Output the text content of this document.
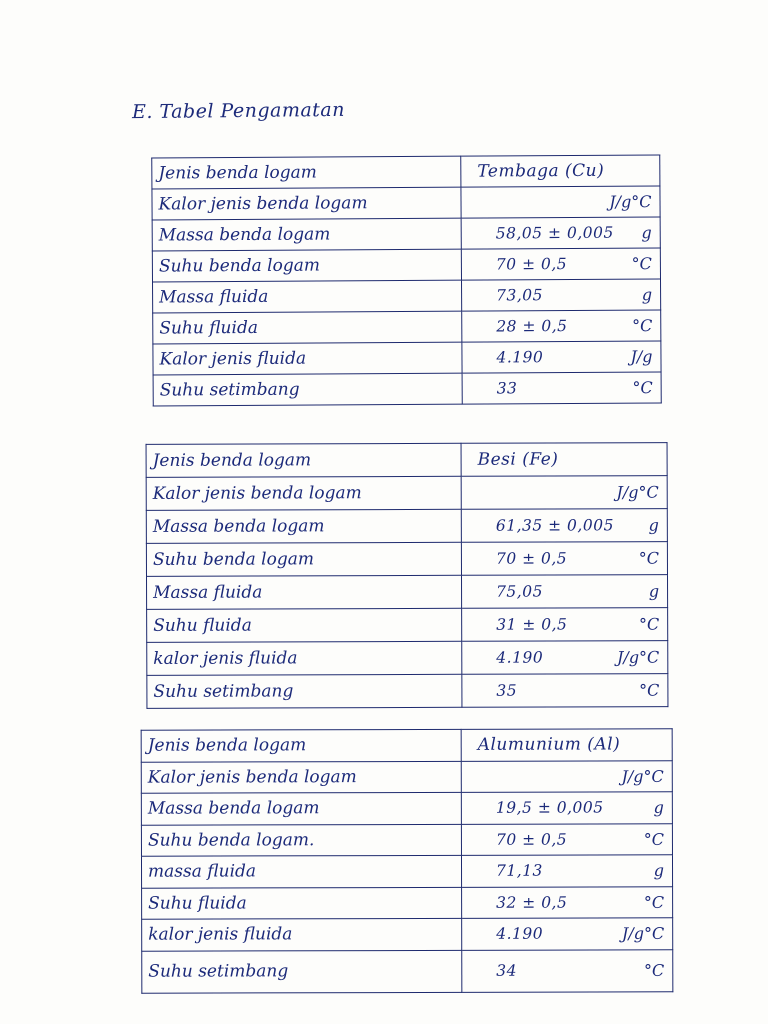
E. Tabel Pengamatan
Jenis benda logam	Tembaga (Cu)

Kalor jenis benda logam	J/g°C

Massa benda logam	58,05 ± 0,005 g

Suhu benda logam	70 ± 0,5 °C

Massa fluida	73,05 g

Suhu fluida	28 ± 0,5 °C

Kalor jenis fluida	4.190 J/g

Suhu setimbang	33 °C
Jenis benda logam	Besi (Fe)

Kalor jenis benda logam	J/g°C

Massa benda logam	61,35 ± 0,005 g

Suhu benda logam	70 ± 0,5 °C

Massa fluida	75,05 g

Suhu fluida	31 ± 0,5 °C

kalor jenis fluida	4.190 J/g°C

Suhu setimbang	35 °C
Jenis benda logam	Alumunium (Al)

Kalor jenis benda logam	J/g°C

Massa benda logam	19,5 ± 0,005 g

Suhu benda logam.	70 ± 0,5 °C

massa fluida	71,13 g

Suhu fluida	32 ± 0,5 °C

kalor jenis fluida	4.190 J/g°C

Suhu setimbang	34 °C
